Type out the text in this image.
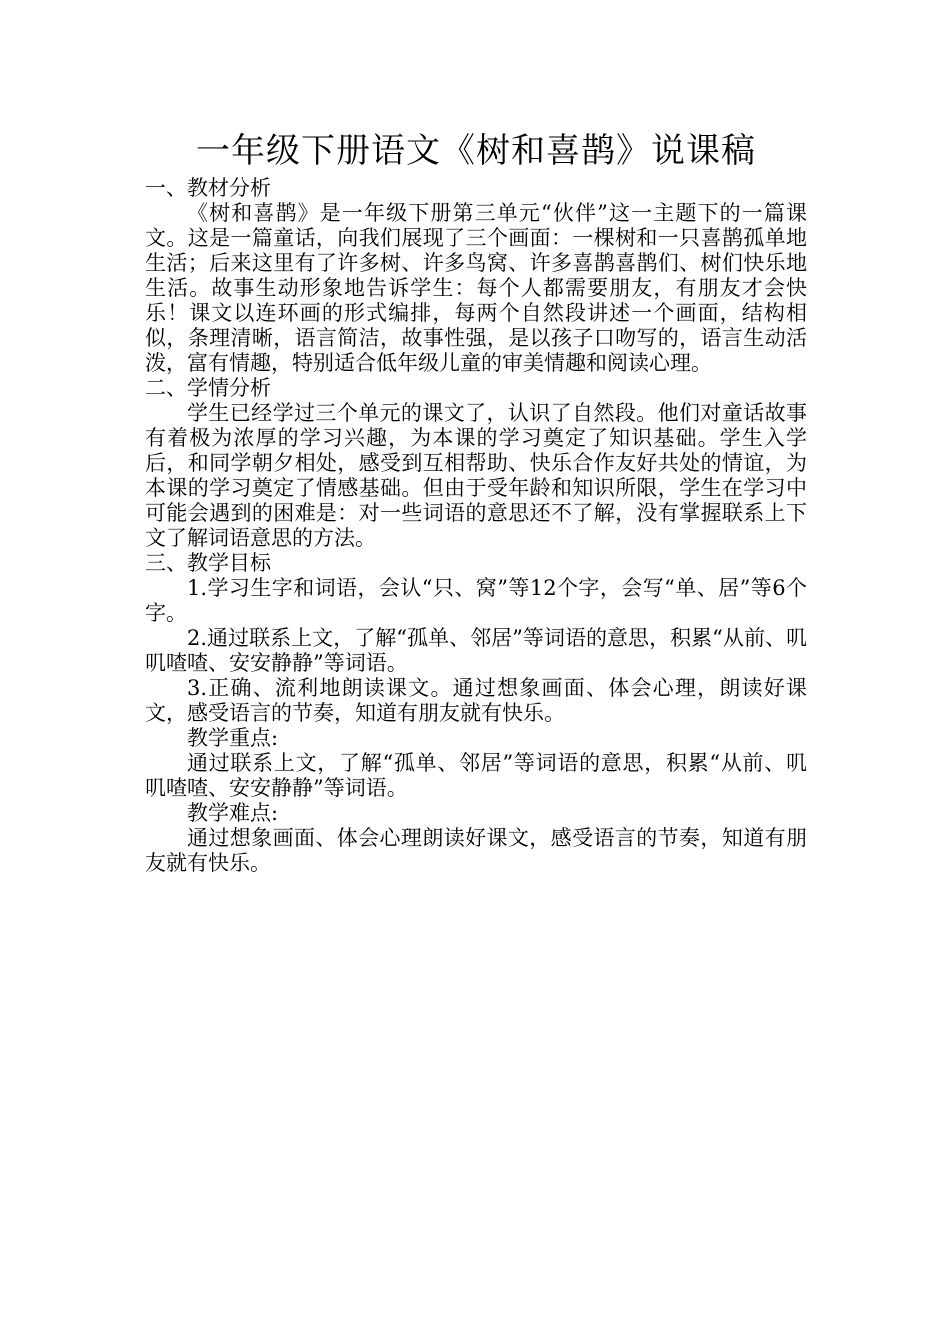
一年级下册语文《树和喜鹊》说课稿

一、教材分析

《树和喜鹊》是一年级下册第三单元“伙伴”这一主题下的一篇课文。这是一篇童话，向我们展现了三个画面：一棵树和一只喜鹊孤单地生活；后来这里有了许多树、许多鸟窝、许多喜鹊喜鹊们、树们快乐地生活。故事生动形象地告诉学生：每个人都需要朋友，有朋友才会快乐！课文以连环画的形式编排，每两个自然段讲述一个画面，结构相似，条理清晰，语言简洁，故事性强，是以孩子口吻写的，语言生动活泼，富有情趣，特别适合低年级儿童的审美情趣和阅读心理。

二、学情分析

学生已经学过三个单元的课文了，认识了自然段。他们对童话故事有着极为浓厚的学习兴趣，为本课的学习奠定了知识基础。学生入学后，和同学朝夕相处，感受到互相帮助、快乐合作友好共处的情谊，为本课的学习奠定了情感基础。但由于受年龄和知识所限，学生在学习中可能会遇到的困难是：对一些词语的意思还不了解，没有掌握联系上下文了解词语意思的方法。

三、教学目标

1.学习生字和词语，会认“只、窝”等12个字，会写“单、居”等6个字。

2.通过联系上文，了解“孤单、邻居”等词语的意思，积累“从前、叽叽喳喳、安安静静”等词语。

3.正确、流利地朗读课文。通过想象画面、体会心理，朗读好课文，感受语言的节奏，知道有朋友就有快乐。

教学重点:

通过联系上文，了解“孤单、邻居”等词语的意思，积累“从前、叽叽喳喳、安安静静”等词语。

教学难点:

通过想象画面、体会心理朗读好课文，感受语言的节奏，知道有朋友就有快乐。
